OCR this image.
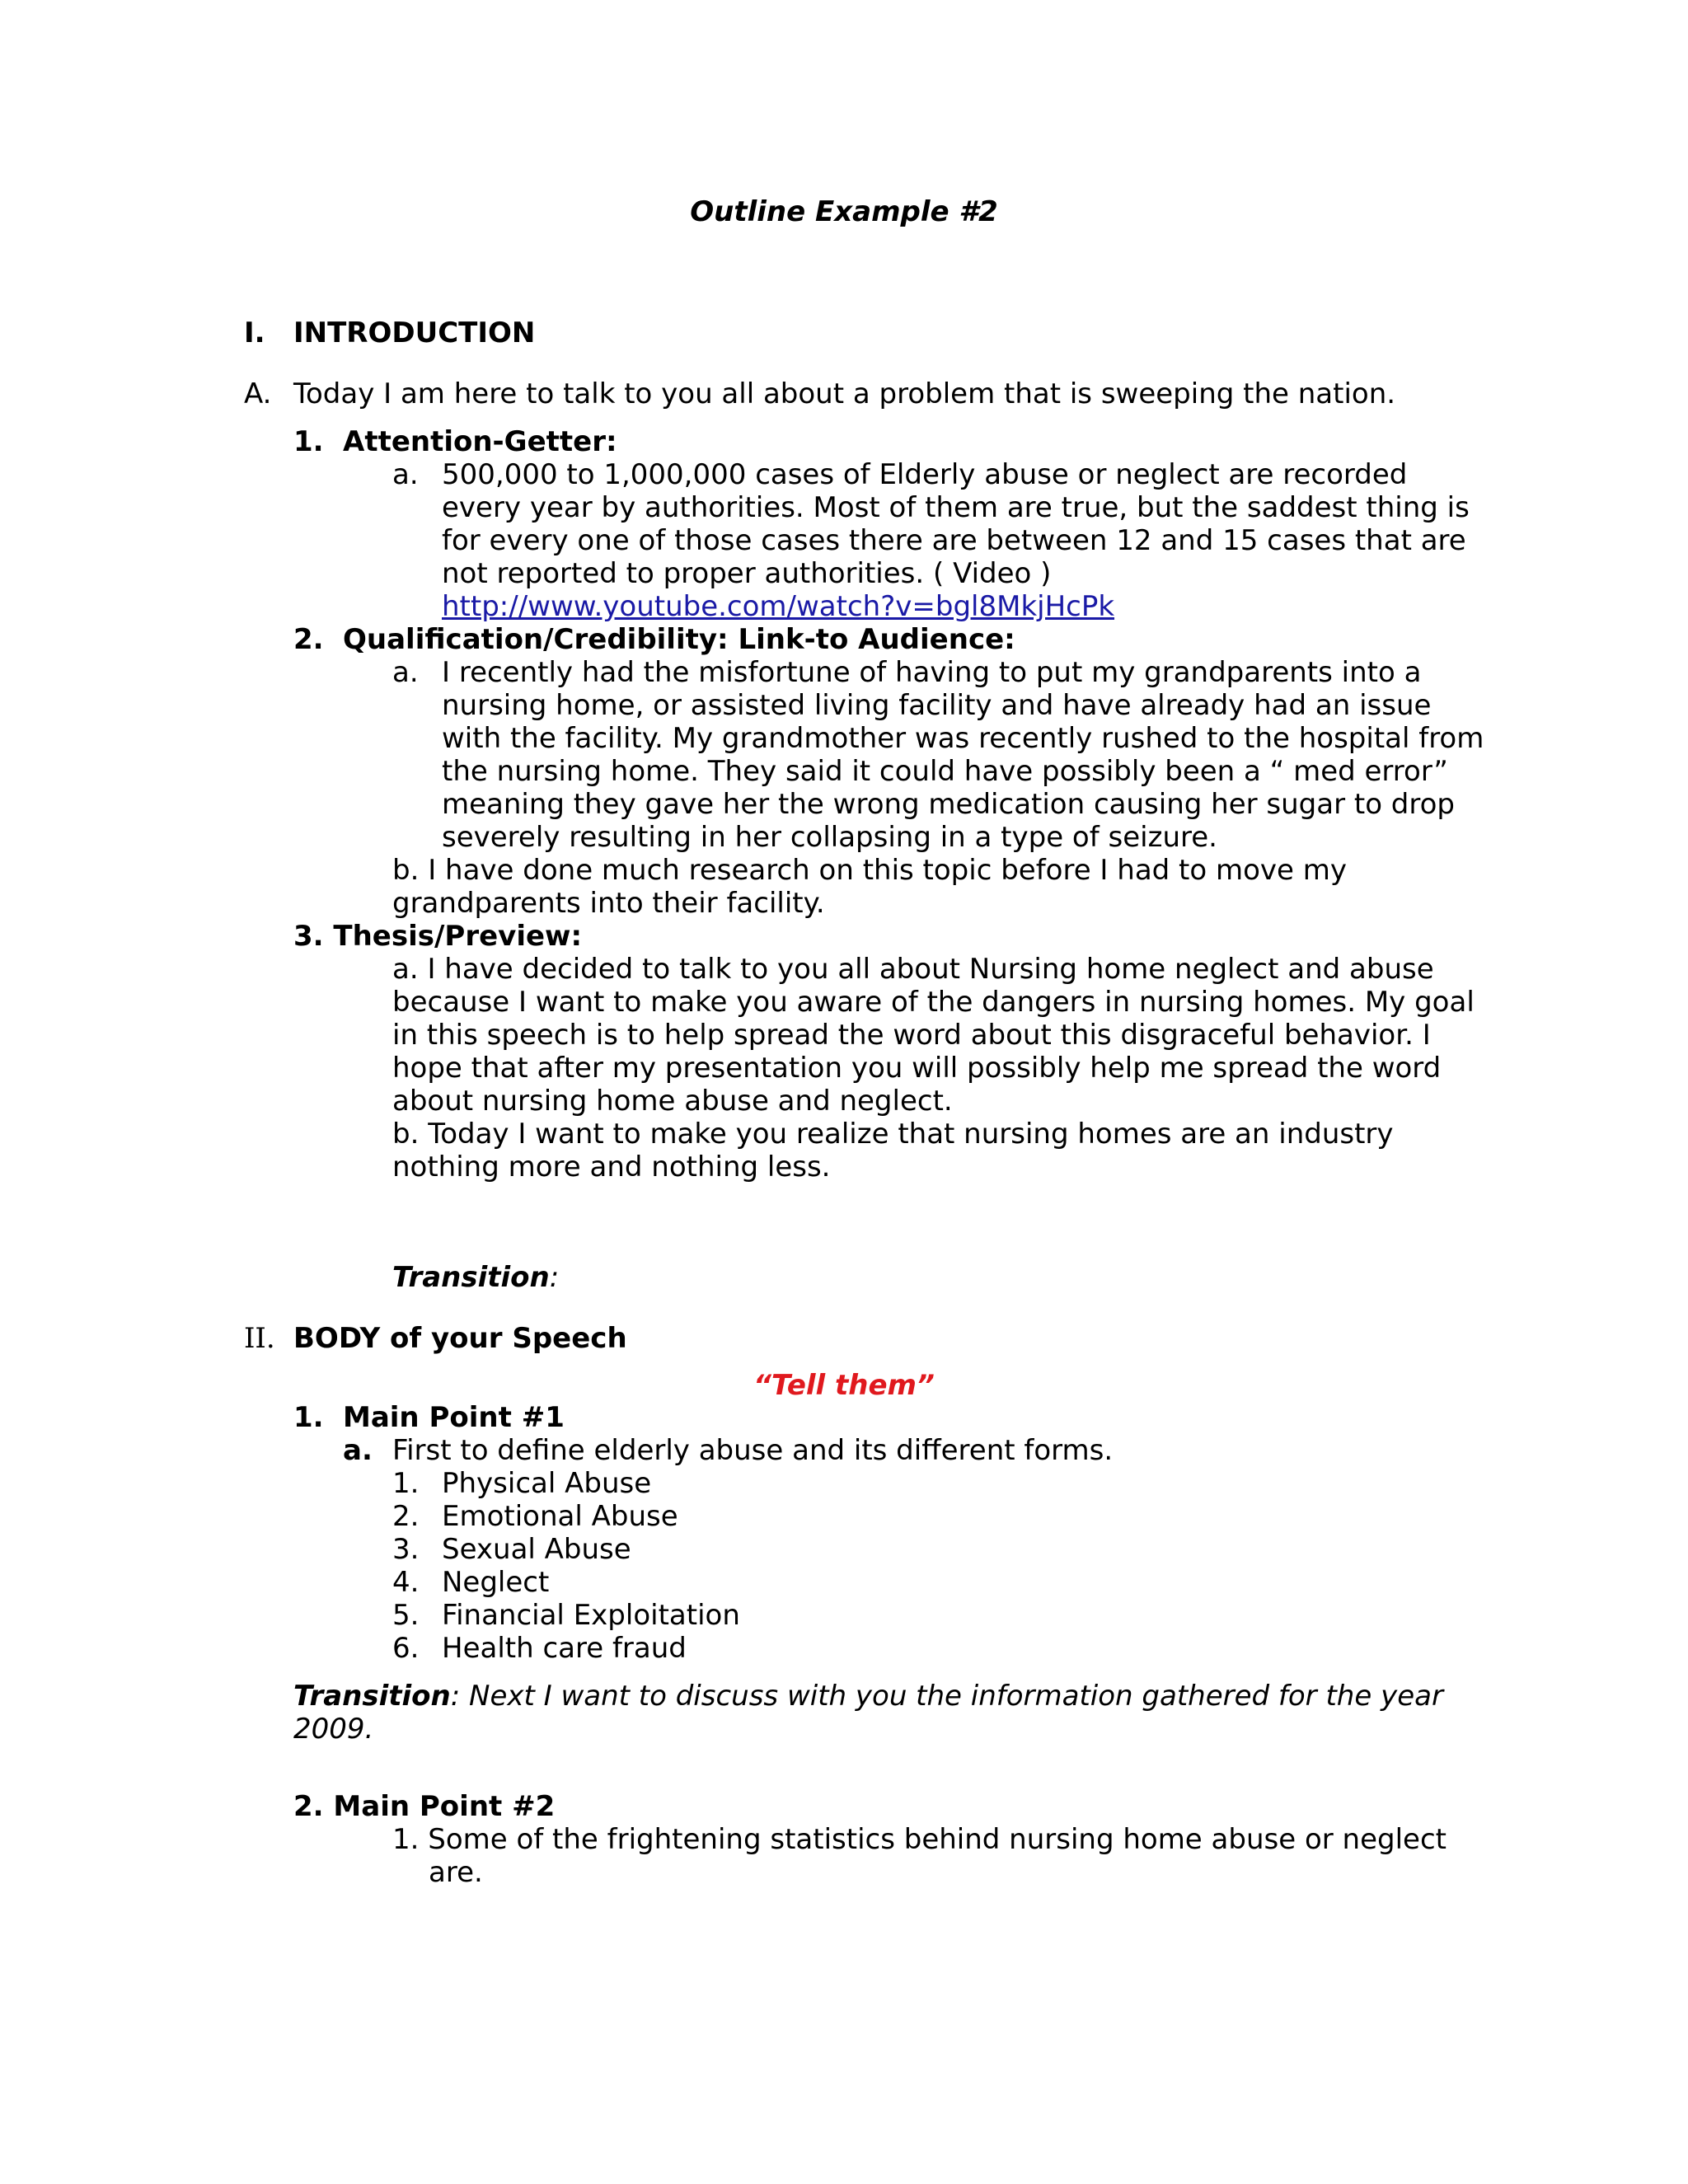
Outline Example #2
I. INTRODUCTION
A. Today I am here to talk to you all about a problem that is sweeping the nation.
1. Attention-Getter:
a. 500,000 to 1,000,000 cases of Elderly abuse or neglect are recorded
every year by authorities. Most of them are true, but the saddest thing is
for every one of those cases there are between 12 and 15 cases that are
not reported to proper authorities. ( Video )
http://www.youtube.com/watch?v=bgl8MkjHcPk
2. Qualification/Credibility: Link-to Audience:
a. I recently had the misfortune of having to put my grandparents into a
nursing home, or assisted living facility and have already had an issue
with the facility. My grandmother was recently rushed to the hospital from
the nursing home. They said it could have possibly been a “ med error”
meaning they gave her the wrong medication causing her sugar to drop
severely resulting in her collapsing in a type of seizure.
b. I have done much research on this topic before I had to move my
grandparents into their facility.
3. Thesis/Preview:
a. I have decided to talk to you all about Nursing home neglect and abuse
because I want to make you aware of the dangers in nursing homes. My goal
in this speech is to help spread the word about this disgraceful behavior. I
hope that after my presentation you will possibly help me spread the word
about nursing home abuse and neglect.
b. Today I want to make you realize that nursing homes are an industry
nothing more and nothing less.
Transition:
II. BODY of your Speech
“Tell them”
1. Main Point #1
a. First to define elderly abuse and its different forms.
1. Physical Abuse
2. Emotional Abuse
3. Sexual Abuse
4. Neglect
5. Financial Exploitation
6. Health care fraud
Transition: Next I want to discuss with you the information gathered for the year
2009.
2. Main Point #2
1. Some of the frightening statistics behind nursing home abuse or neglect
are.
